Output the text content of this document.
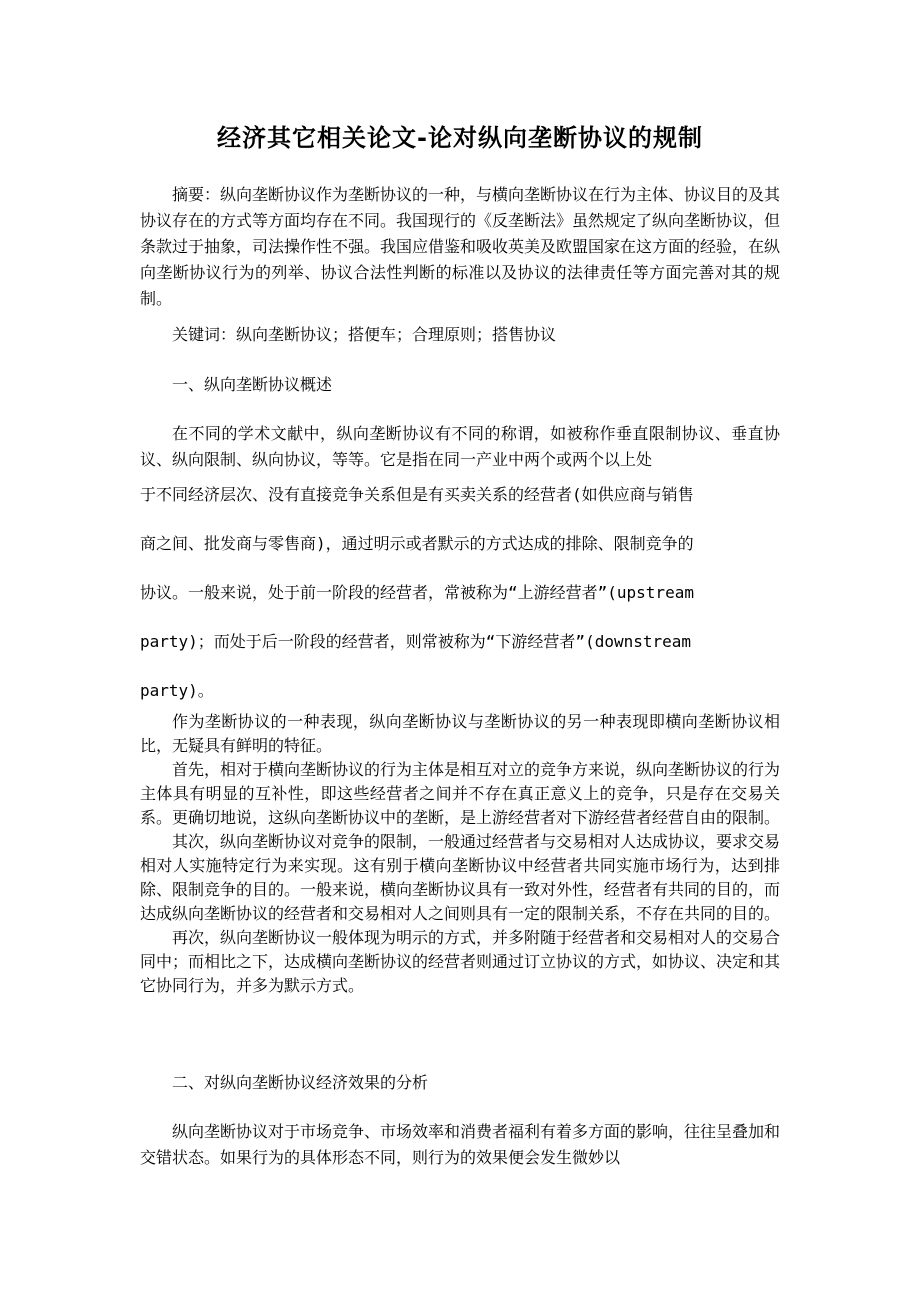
经济其它相关论文-论对纵向垄断协议的规制

摘要：纵向垄断协议作为垄断协议的一种，与横向垄断协议在行为主体、协议目的及其协议存在的方式等方面均存在不同。我国现行的《反垄断法》虽然规定了纵向垄断协议，但条款过于抽象，司法操作性不强。我国应借鉴和吸收英美及欧盟国家在这方面的经验，在纵向垄断协议行为的列举、协议合法性判断的标准以及协议的法律责任等方面完善对其的规制。

关键词：纵向垄断协议；搭便车；合理原则；搭售协议

一、纵向垄断协议概述

在不同的学术文献中，纵向垄断协议有不同的称谓，如被称作垂直限制协议、垂直协议、纵向限制、纵向协议，等等。它是指在同一产业中两个或两个以上处

于不同经济层次、没有直接竞争关系但是有买卖关系的经营者(如供应商与销售
商之间、批发商与零售商)，通过明示或者默示的方式达成的排除、限制竞争的
协议。一般来说，处于前一阶段的经营者，常被称为“上游经营者”(upstream
party)；而处于后一阶段的经营者，则常被称为“下游经营者”(downstream
party)。

作为垄断协议的一种表现，纵向垄断协议与垄断协议的另一种表现即横向垄断协议相比，无疑具有鲜明的特征。

首先，相对于横向垄断协议的行为主体是相互对立的竞争方来说，纵向垄断协议的行为主体具有明显的互补性，即这些经营者之间并不存在真正意义上的竞争，只是存在交易关系。更确切地说，这纵向垄断协议中的垄断，是上游经营者对下游经营者经营自由的限制。

其次，纵向垄断协议对竞争的限制，一般通过经营者与交易相对人达成协议，要求交易相对人实施特定行为来实现。这有别于横向垄断协议中经营者共同实施市场行为，达到排除、限制竞争的目的。一般来说，横向垄断协议具有一致对外性，经营者有共同的目的，而达成纵向垄断协议的经营者和交易相对人之间则具有一定的限制关系，不存在共同的目的。

再次，纵向垄断协议一般体现为明示的方式，并多附随于经营者和交易相对人的交易合同中；而相比之下，达成横向垄断协议的经营者则通过订立协议的方式，如协议、决定和其它协同行为，并多为默示方式。

二、对纵向垄断协议经济效果的分析

纵向垄断协议对于市场竞争、市场效率和消费者福利有着多方面的影响，往往呈叠加和交错状态。如果行为的具体形态不同，则行为的效果便会发生微妙以
